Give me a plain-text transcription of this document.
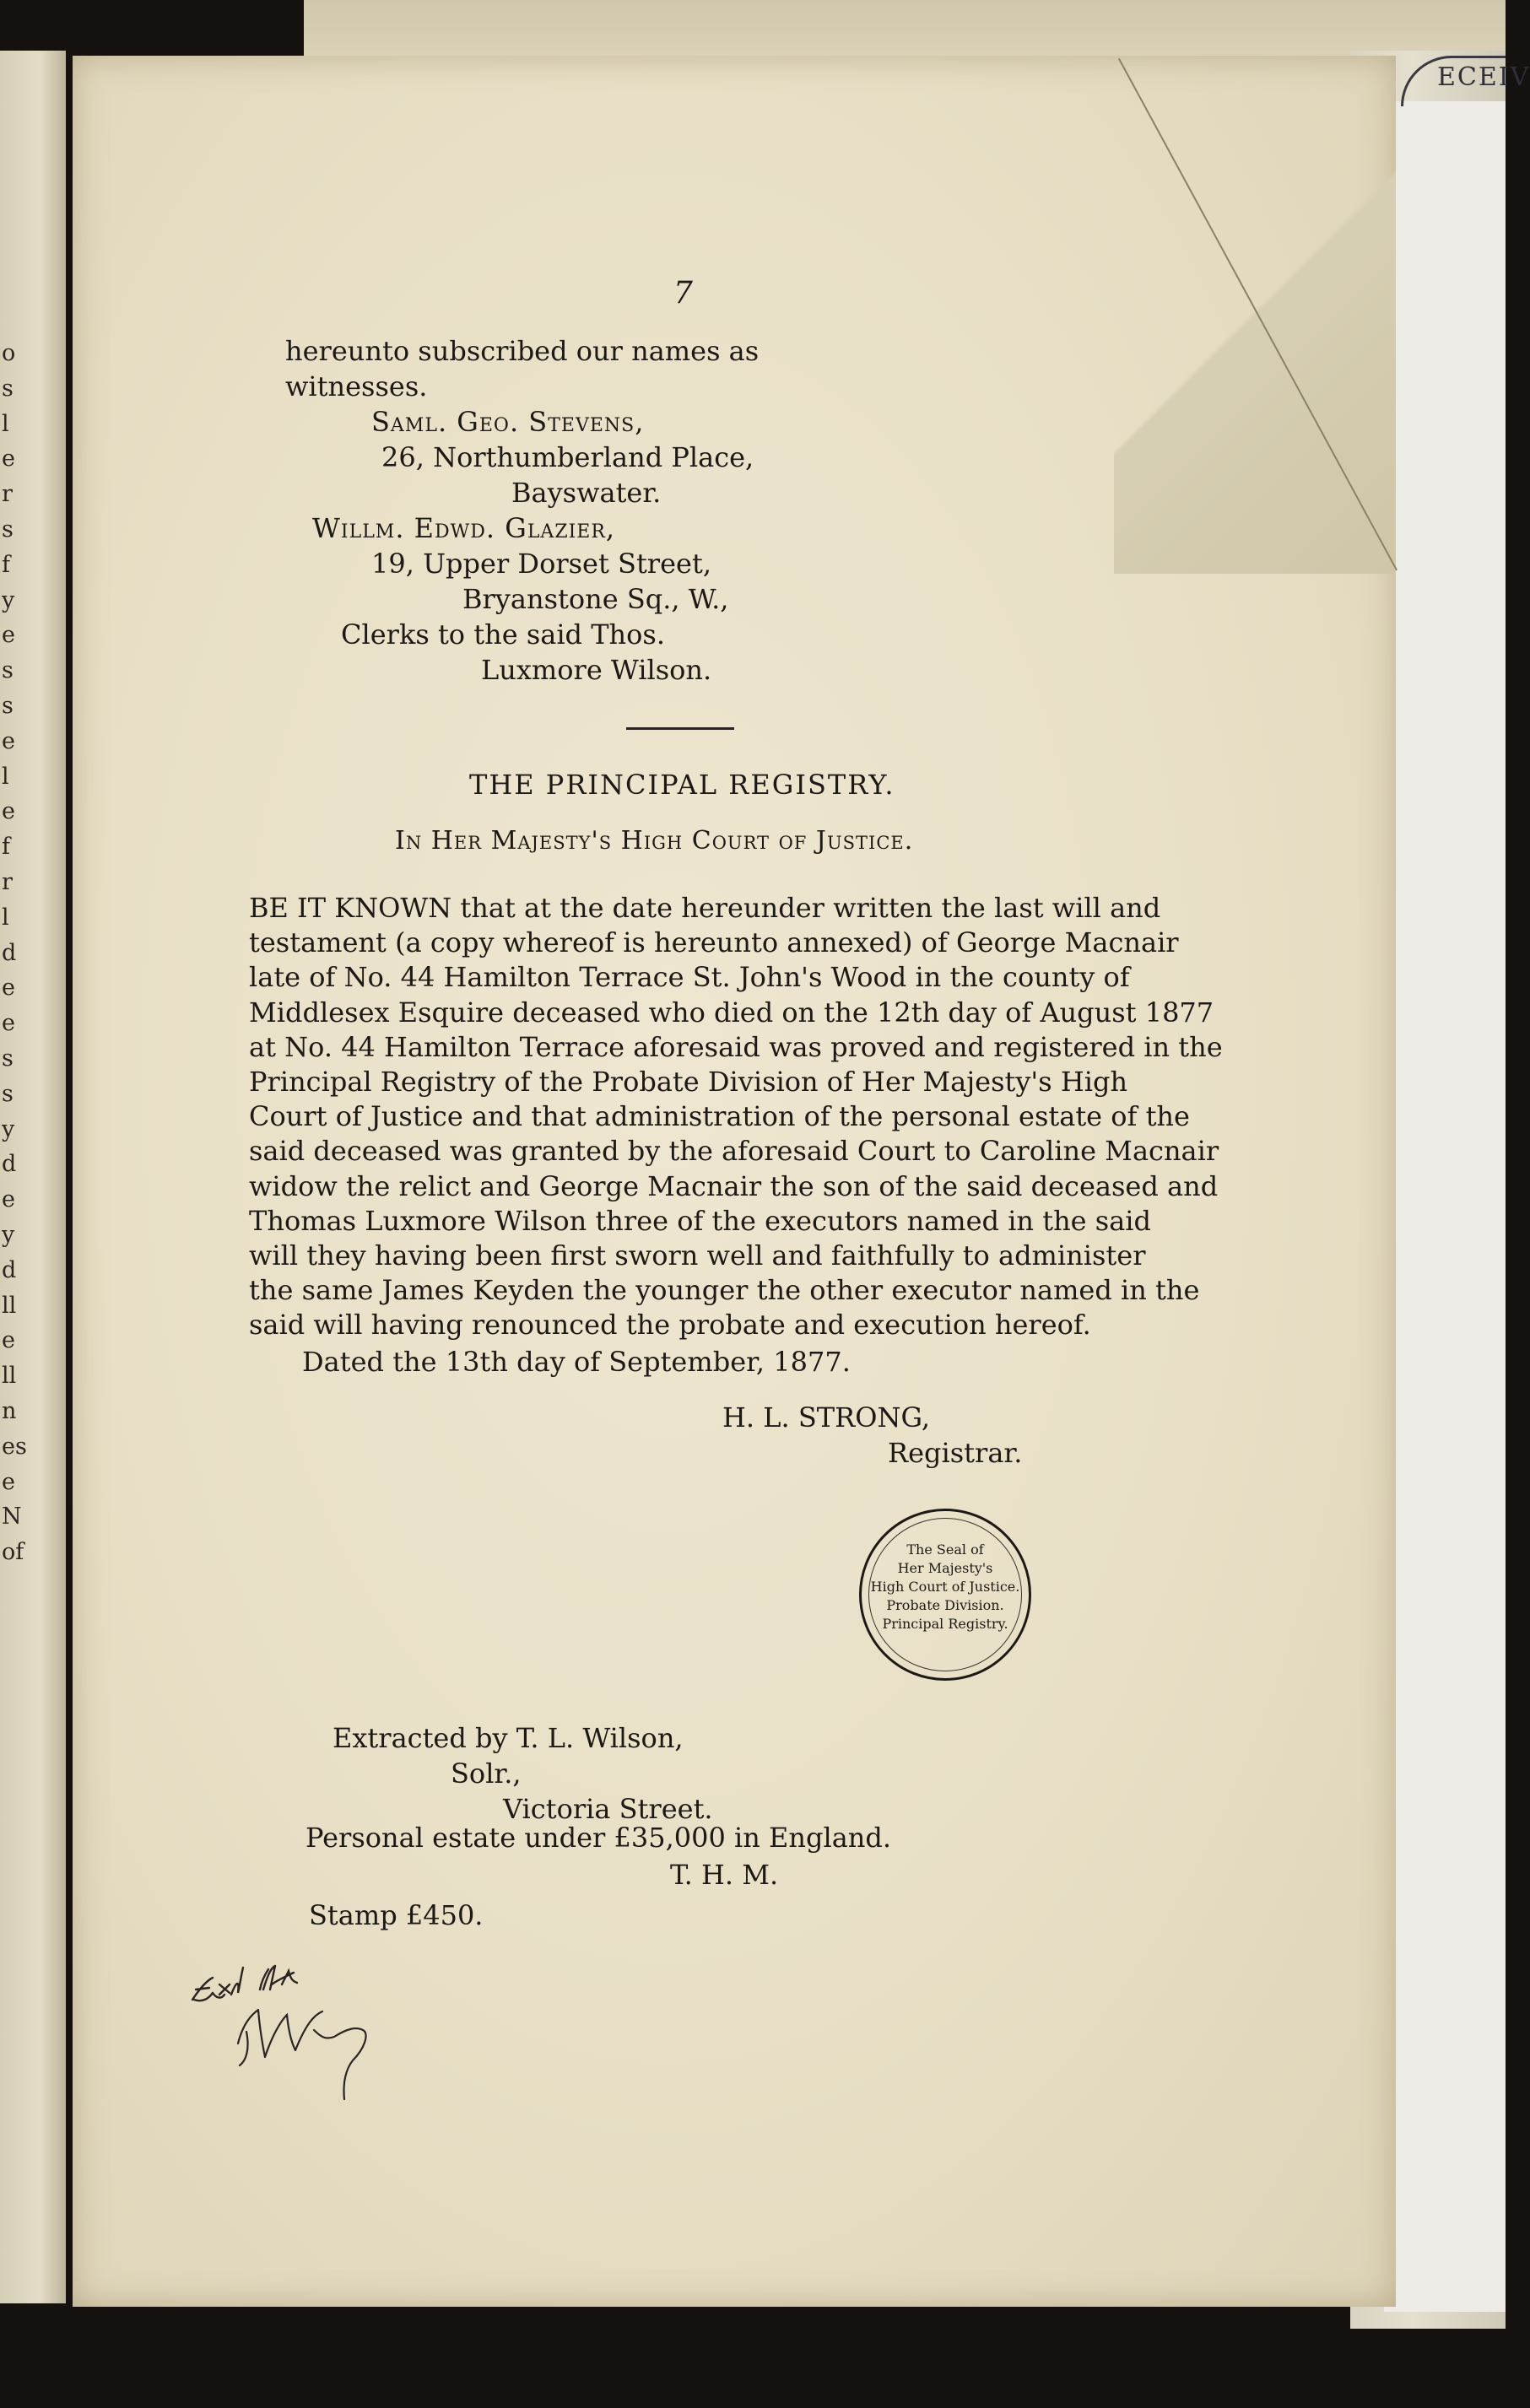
ECEIV
o
s
l
e
r
s
f
y
e
s
s
e
l
e
f
r
l
d
e
e
s
s
y
d
e
y
d
ll
e
ll
n
es
e
N
of
7
hereunto subscribed our names as
witnesses.
Saml. Geo. Stevens,
26, Northumberland Place,
Bayswater.
Willm. Edwd. Glazier,
19, Upper Dorset Street,
Bryanstone Sq., W.,
Clerks to the said Thos.
Luxmore Wilson.
THE PRINCIPAL REGISTRY.
In Her Majesty's High Court of Justice.
BE IT KNOWN that at the date hereunder written the last will and
testament (a copy whereof is hereunto annexed) of George Macnair
late of No. 44 Hamilton Terrace St. John's Wood in the county of
Middlesex Esquire deceased who died on the 12th day of August 1877
at No. 44 Hamilton Terrace aforesaid was proved and registered in the
Principal Registry of the Probate Division of Her Majesty's High
Court of Justice and that administration of the personal estate of the
said deceased was granted by the aforesaid Court to Caroline Macnair
widow the relict and George Macnair the son of the said deceased and
Thomas Luxmore Wilson three of the executors named in the said
will they having been first sworn well and faithfully to administer
the same James Keyden the younger the other executor named in the
said will having renounced the probate and execution hereof.
Dated the 13th day of September, 1877.
H. L. STRONG,
Registrar.
The Seal of
Her Majesty's
High Court of Justice.
Probate Division.
Principal Registry.
Extracted by T. L. Wilson,
Solr.,
Victoria Street.
Personal estate under £35,000 in England.
T. H. M.
Stamp £450.
